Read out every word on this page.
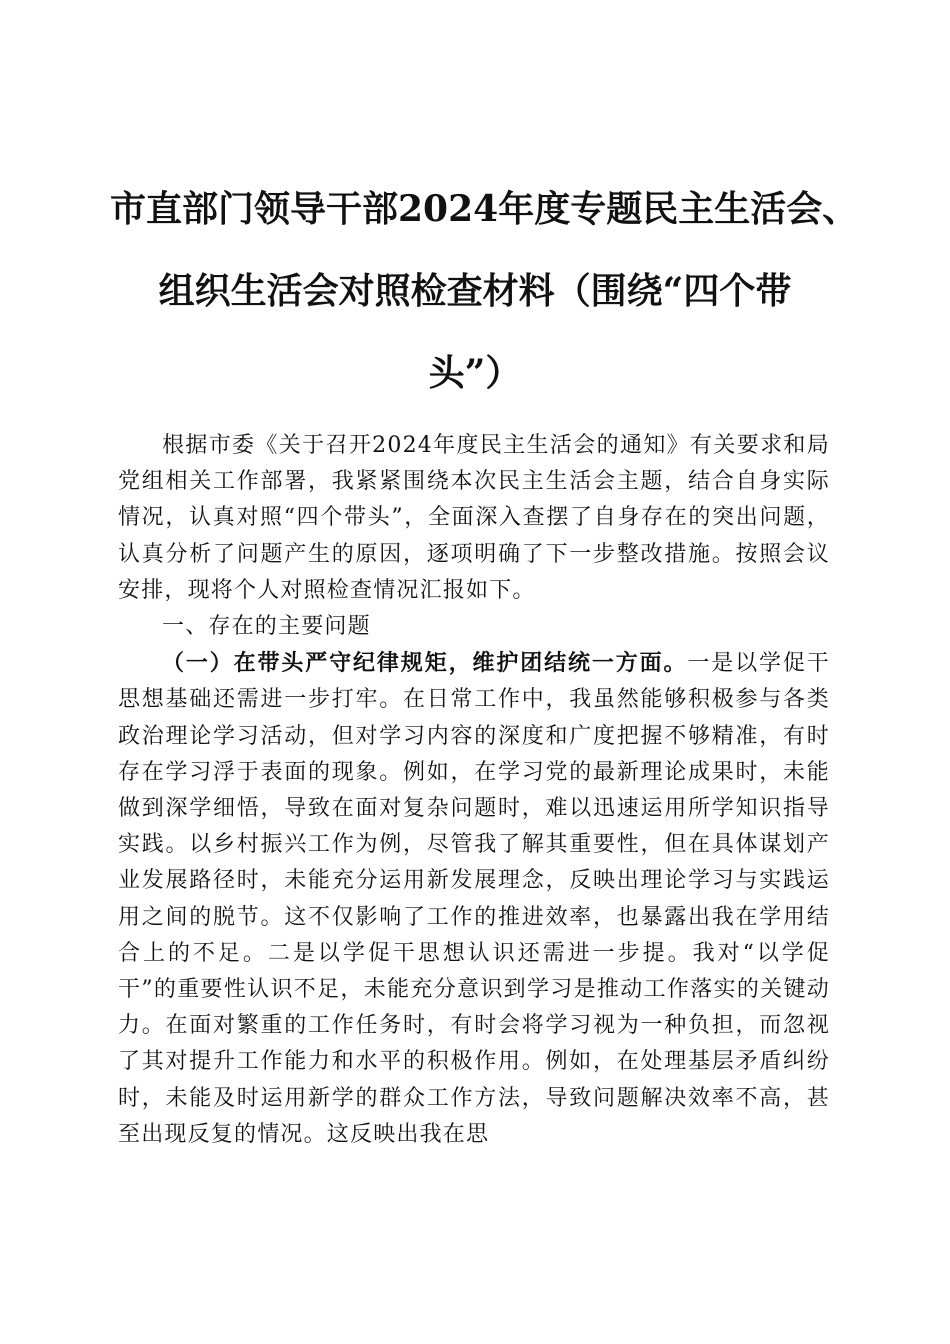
市直部门领导干部2024年度专题民主生活会、
组织生活会对照检查材料（围绕“四个带
头”）

根据市委《关于召开2024年度民主生活会的通知》有关要求和局党组相关工作部署，我紧紧围绕本次民主生活会主题，结合自身实际情况，认真对照“四个带头”，全面深入查摆了自身存在的突出问题，认真分析了问题产生的原因，逐项明确了下一步整改措施。按照会议安排，现将个人对照检查情况汇报如下。

一、存在的主要问题

（一）在带头严守纪律规矩，维护团结统一方面。一是以学促干思想基础还需进一步打牢。在日常工作中，我虽然能够积极参与各类政治理论学习活动，但对学习内容的深度和广度把握不够精准，有时存在学习浮于表面的现象。例如，在学习党的最新理论成果时，未能做到深学细悟，导致在面对复杂问题时，难以迅速运用所学知识指导实践。以乡村振兴工作为例，尽管我了解其重要性，但在具体谋划产业发展路径时，未能充分运用新发展理念，反映出理论学习与实践运用之间的脱节。这不仅影响了工作的推进效率，也暴露出我在学用结合上的不足。二是以学促干思想认识还需进一步提。我对“以学促干”的重要性认识不足，未能充分意识到学习是推动工作落实的关键动力。在面对繁重的工作任务时，有时会将学习视为一种负担，而忽视了其对提升工作能力和水平的积极作用。例如，在处理基层矛盾纠纷时，未能及时运用新学的群众工作方法，导致问题解决效率不高，甚至出现反复的情况。这反映出我在思
